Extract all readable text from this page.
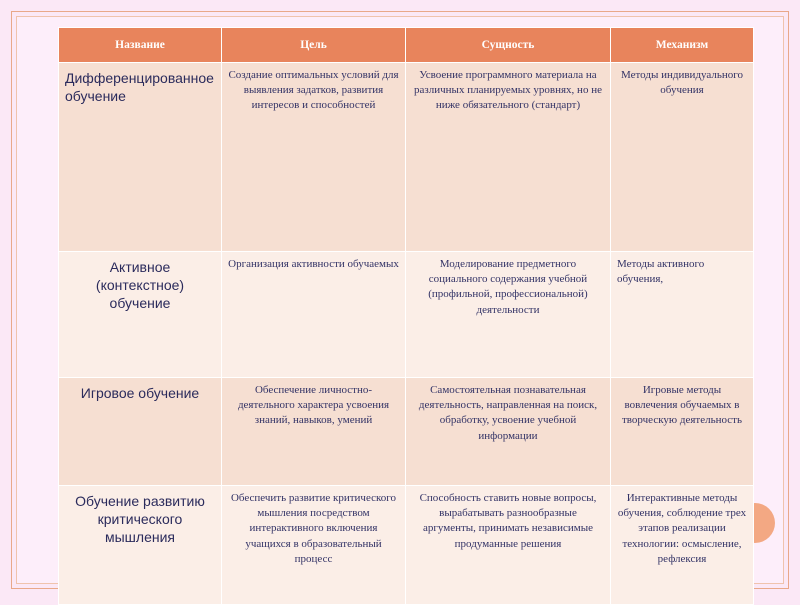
Название	Цель	Сущность	Механизм
Дифференцированное обучение	Создание оптимальных условий для выявления задатков, развития интересов и способностей	Усвоение программного материала на различных планируемых уровнях, но не ниже обязательного (стандарт)	Методы индивидуального обучения
Активное (контекстное) обучение	Организация активности обучаемых	Моделирование предметного социального содержания учебной (профильной, профессиональной) деятельности	Методы активного обучения,
Игровое обучение	Обеспечение личностно-деятельного характера усвоения знаний, навыков, умений	Самостоятельная познавательная деятельность, направленная на поиск, обработку, усвоение учебной информации	Игровые методы вовлечения обучаемых в творческую деятельность
Обучение развитию критического мышления	Обеспечить развитие критического мышления посредством интерактивного включения учащихся в образовательный процесс	Способность ставить новые вопросы, вырабатывать разнообразные аргументы, принимать независимые продуманные решения	Интерактивные методы обучения, соблюдение трех этапов реализации технологии: осмысление, рефлексия
